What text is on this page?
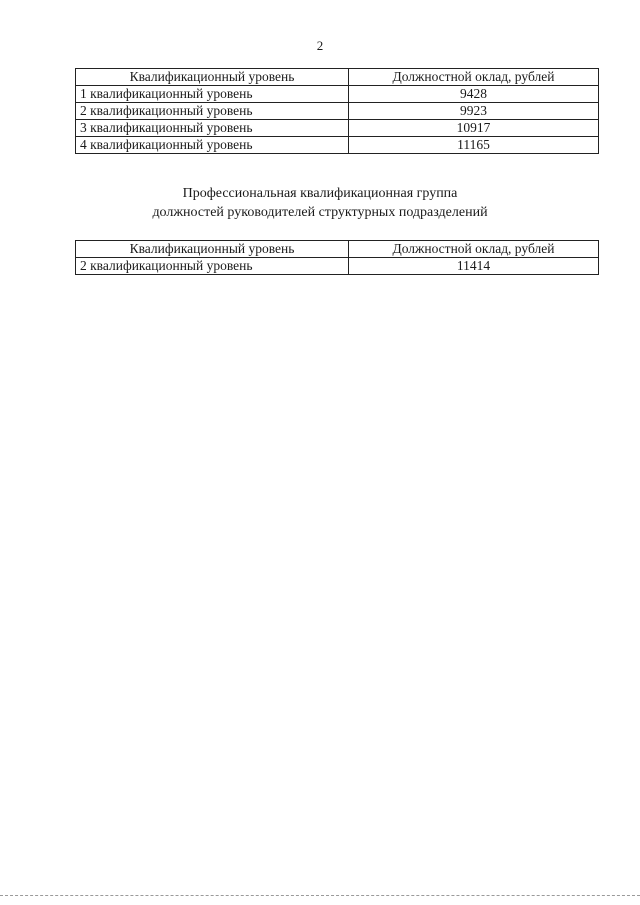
2
Квалификационный уровень	Должностной оклад, рублей
1 квалификационный уровень	9428
2 квалификационный уровень	9923
3 квалификационный уровень	10917
4 квалификационный уровень	11165
Профессиональная квалификационная группа
должностей руководителей структурных подразделений
Квалификационный уровень	Должностной оклад, рублей
2 квалификационный уровень	11414
